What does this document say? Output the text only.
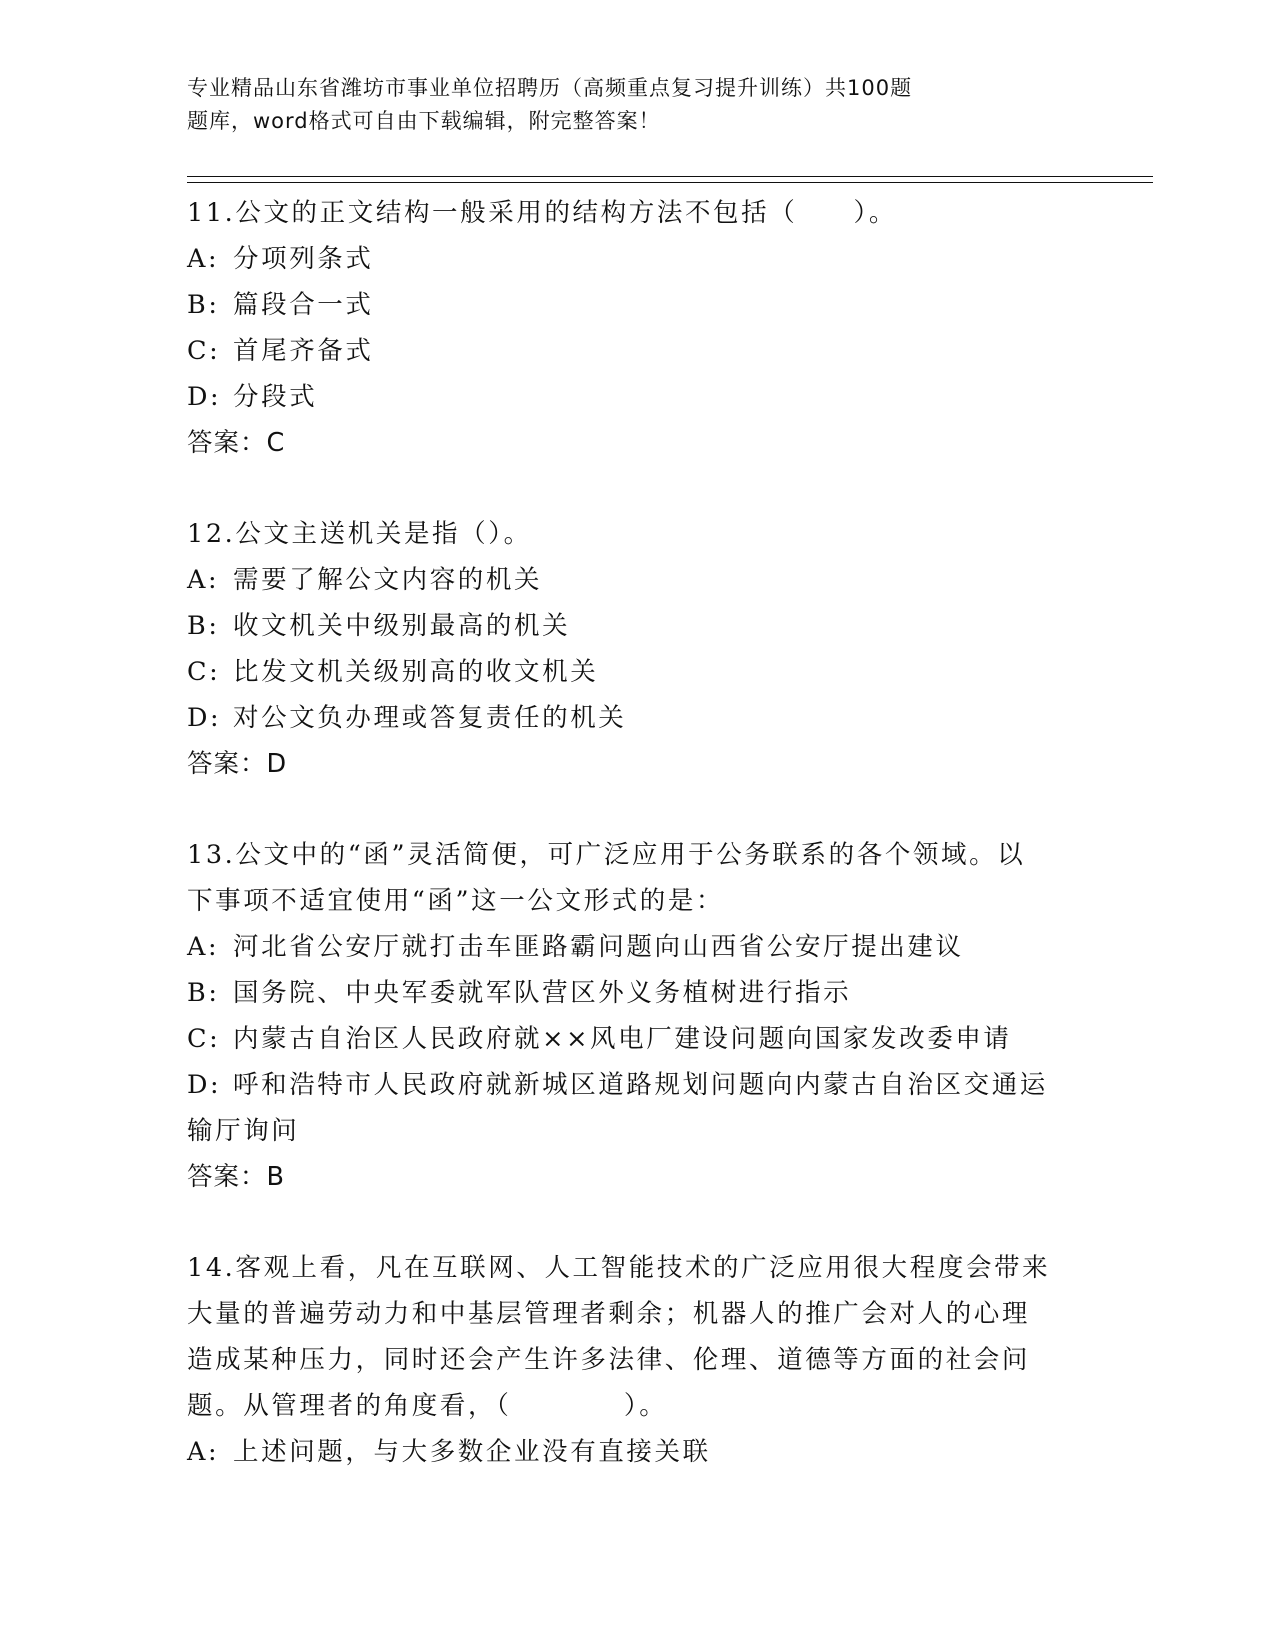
专业精品山东省潍坊市事业单位招聘历（高频重点复习提升训练）共100题
题库，word格式可自由下载编辑，附完整答案！
11.公文的正文结构一般采用的结构方法不包括（　　）。
A: 分项列条式
B: 篇段合一式
C: 首尾齐备式
D: 分段式
答案：C
12.公文主送机关是指（）。
A: 需要了解公文内容的机关
B: 收文机关中级别最高的机关
C: 比发文机关级别高的收文机关
D: 对公文负办理或答复责任的机关
答案：D
13.公文中的“函”灵活简便，可广泛应用于公务联系的各个领域。以
下事项不适宜使用“函”这一公文形式的是：
A: 河北省公安厅就打击车匪路霸问题向山西省公安厅提出建议
B: 国务院、中央军委就军队营区外义务植树进行指示
C: 内蒙古自治区人民政府就××风电厂建设问题向国家发改委申请
D: 呼和浩特市人民政府就新城区道路规划问题向内蒙古自治区交通运
输厅询问
答案：B
14.客观上看，凡在互联网、人工智能技术的广泛应用很大程度会带来
大量的普遍劳动力和中基层管理者剩余；机器人的推广会对人的心理
造成某种压力，同时还会产生许多法律、伦理、道德等方面的社会问
题。从管理者的角度看，（　　　　）。
A: 上述问题，与大多数企业没有直接关联
